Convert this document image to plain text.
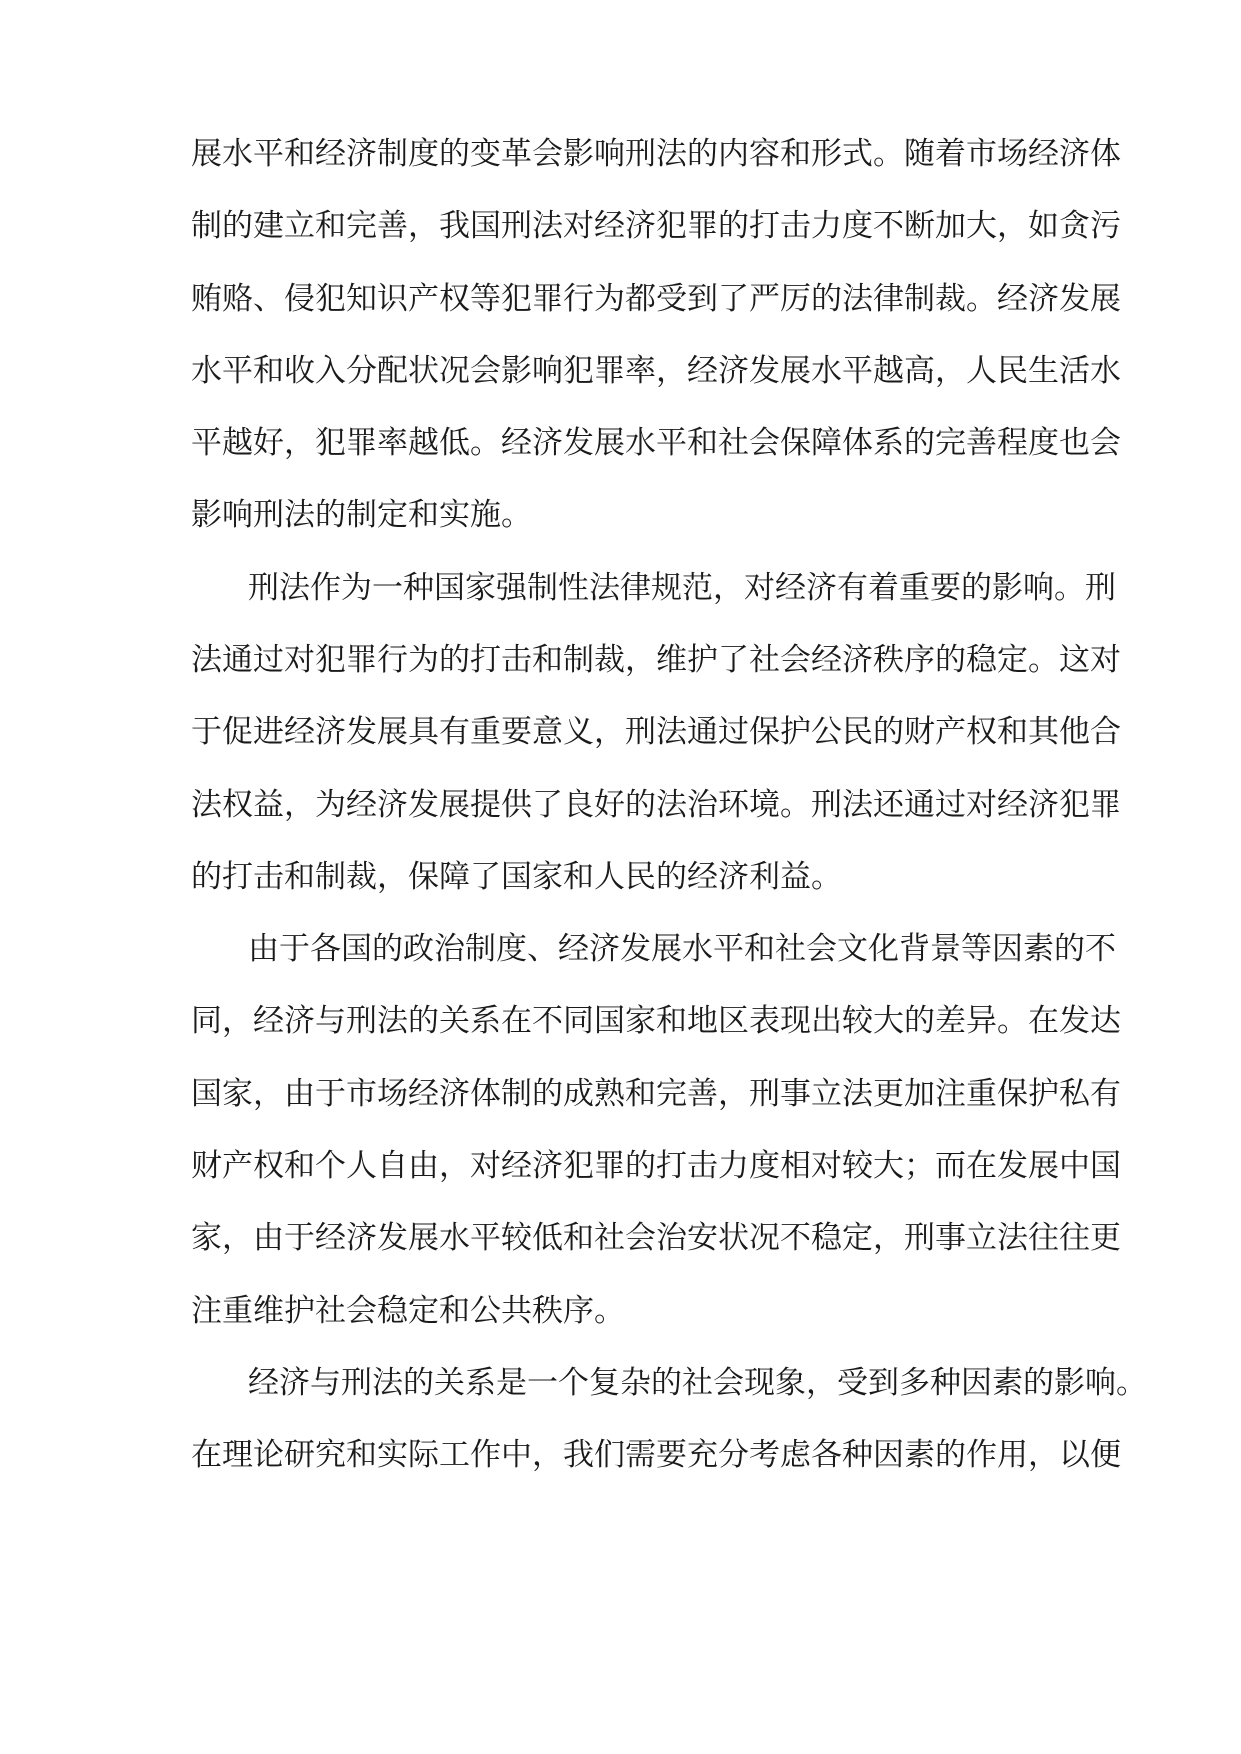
展水平和经济制度的变革会影响刑法的内容和形式。随着市场经济体
制的建立和完善，我国刑法对经济犯罪的打击力度不断加大，如贪污
贿赂、侵犯知识产权等犯罪行为都受到了严厉的法律制裁。经济发展
水平和收入分配状况会影响犯罪率，经济发展水平越高，人民生活水
平越好，犯罪率越低。经济发展水平和社会保障体系的完善程度也会
影响刑法的制定和实施。
刑法作为一种国家强制性法律规范，对经济有着重要的影响。刑
法通过对犯罪行为的打击和制裁，维护了社会经济秩序的稳定。这对
于促进经济发展具有重要意义，刑法通过保护公民的财产权和其他合
法权益，为经济发展提供了良好的法治环境。刑法还通过对经济犯罪
的打击和制裁，保障了国家和人民的经济利益。
由于各国的政治制度、经济发展水平和社会文化背景等因素的不
同，经济与刑法的关系在不同国家和地区表现出较大的差异。在发达
国家，由于市场经济体制的成熟和完善，刑事立法更加注重保护私有
财产权和个人自由，对经济犯罪的打击力度相对较大；而在发展中国
家，由于经济发展水平较低和社会治安状况不稳定，刑事立法往往更
注重维护社会稳定和公共秩序。
经济与刑法的关系是一个复杂的社会现象，受到多种因素的影响。
在理论研究和实际工作中，我们需要充分考虑各种因素的作用，以便
